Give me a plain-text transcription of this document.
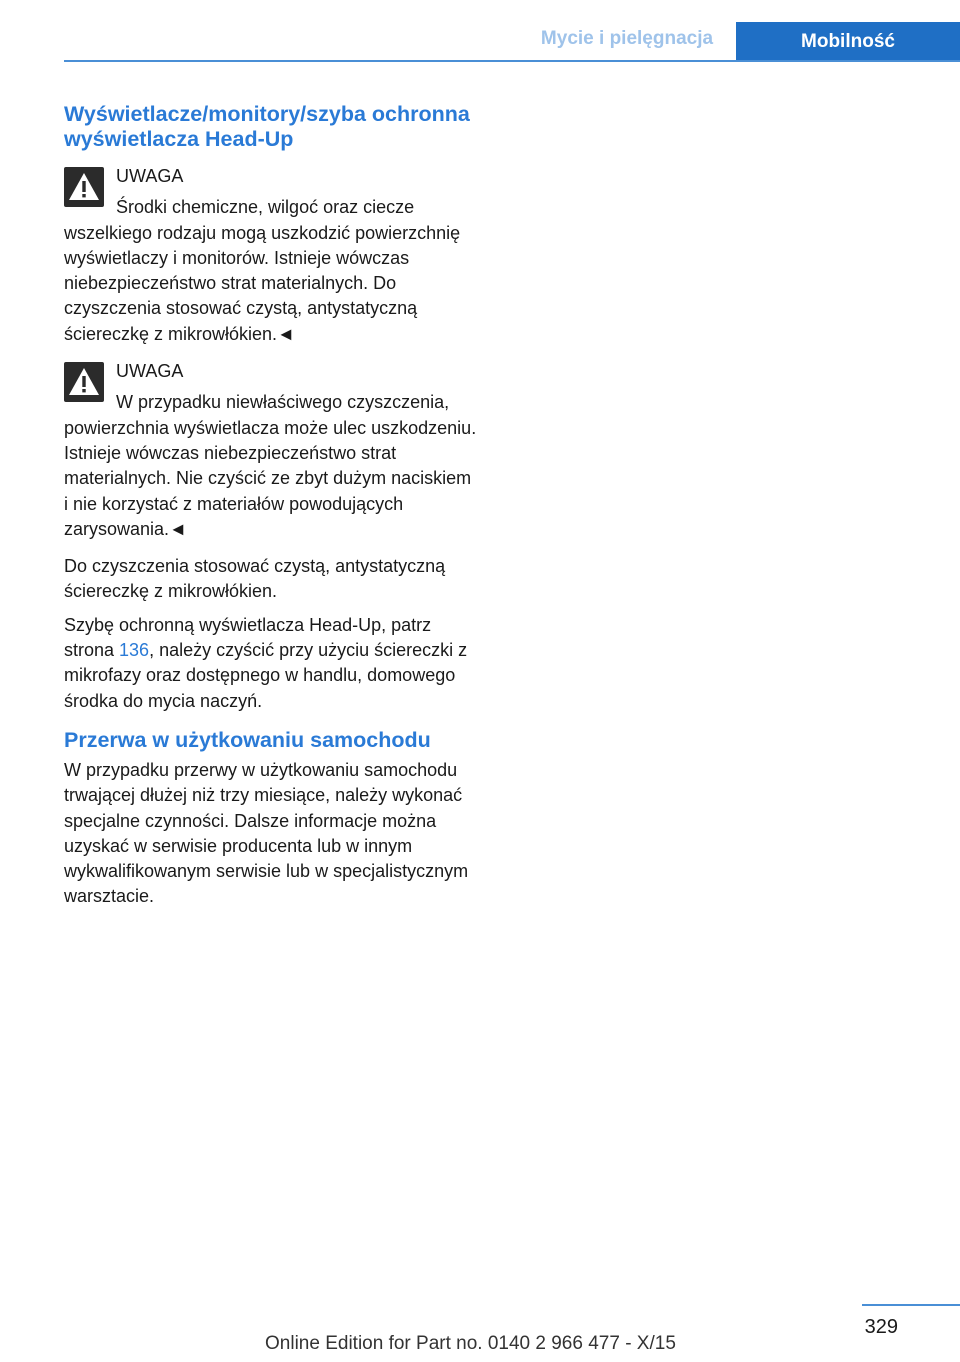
Mycie i pielęgnacja	Mobilność
Wyświetlacze/monitory/szyba ochronna wyświetlacza Head-Up

UWAGA

Środki chemiczne, wilgoć oraz ciecze wszelkiego rodzaju mogą uszkodzić powierzchnię wyświetlaczy i monitorów. Istnieje wówczas niebezpieczeństwo strat materialnych. Do czyszczenia stosować czystą, antystatyczną ściereczkę z mikrowłókien.◄

UWAGA

W przypadku niewłaściwego czyszczenia, powierzchnia wyświetlacza może ulec uszkodzeniu. Istnieje wówczas niebezpieczeństwo strat materialnych. Nie czyścić ze zbyt dużym naciskiem i nie korzystać z materiałów powodujących zarysowania.◄

Do czyszczenia stosować czystą, antystatyczną ściereczkę z mikrowłókien.

Szybę ochronną wyświetlacza Head-Up, patrz strona 136, należy czyścić przy użyciu ściereczki z mikrofazy oraz dostępnego w handlu, domowego środka do mycia naczyń.

Przerwa w użytkowaniu samochodu

W przypadku przerwy w użytkowaniu samochodu trwającej dłużej niż trzy miesiące, należy wykonać specjalne czynności. Dalsze informacje można uzyskać w serwisie producenta lub w innym wykwalifikowanym serwisie lub w specjalistycznym warsztacie.

329
Online Edition for Part no. 0140 2 966 477 - X/15
